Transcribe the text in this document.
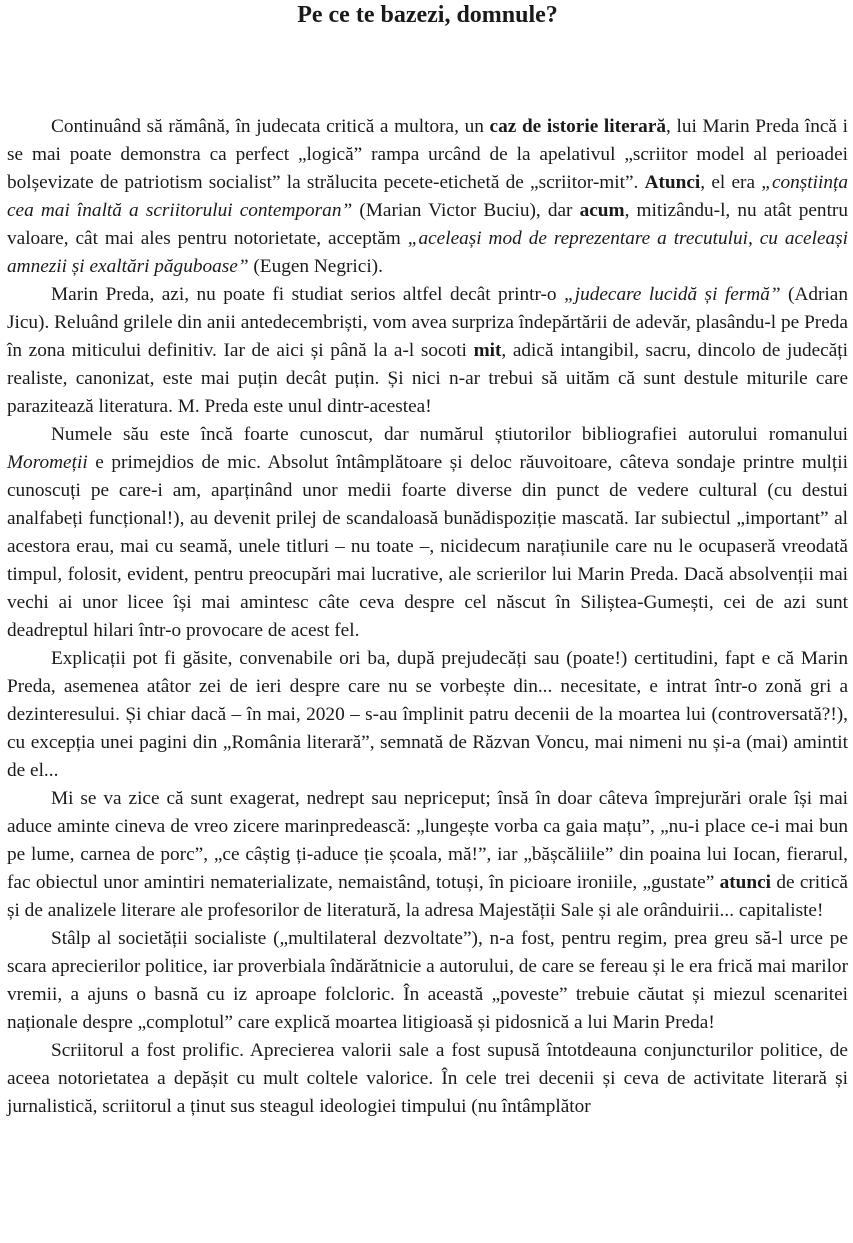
Pe ce te bazezi, domnule?

Continuând să rămână, în judecata critică a multora, un caz de istorie literară, lui Marin Preda încă i se mai poate demonstra ca perfect „logică” rampa urcând de la apelativul „scriitor model al perioadei bolșevizate de patriotism socialist” la strălucita pecete-etichetă de „scriitor-mit”. Atunci, el era „conștiința cea mai înaltă a scriitorului contemporan” (Marian Victor Buciu), dar acum, mitizându-l, nu atât pentru valoare, cât mai ales pentru notorietate, acceptăm „aceleași mod de reprezentare a trecutului, cu aceleași amnezii și exaltări păguboase” (Eugen Negrici).

Marin Preda, azi, nu poate fi studiat serios altfel decât printr-o „judecare lucidă și fermă” (Adrian Jicu). Reluând grilele din anii antedecembriști, vom avea surpriza îndepărtării de adevăr, plasându-l pe Preda în zona miticului definitiv. Iar de aici și până la a-l socoti mit, adică intangibil, sacru, dincolo de judecăți realiste, canonizat, este mai puțin decât puțin. Și nici n-ar trebui să uităm că sunt destule miturile care parazitează literatura. M. Preda este unul dintr-acestea!

Numele său este încă foarte cunoscut, dar numărul știutorilor bibliografiei autorului romanului Moromeții e primejdios de mic. Absolut întâmplătoare și deloc răuvoitoare, câteva sondaje printre mulții cunoscuți pe care-i am, aparținând unor medii foarte diverse din punct de vedere cultural (cu destui analfabeți funcțional!), au devenit prilej de scandaloasă bunădispoziție mascată. Iar subiectul „important” al acestora erau, mai cu seamă, unele titluri – nu toate –, nicidecum narațiunile care nu le ocupaseră vreodată timpul, folosit, evident, pentru preocupări mai lucrative, ale scrierilor lui Marin Preda. Dacă absolvenții mai vechi ai unor licee își mai amintesc câte ceva despre cel născut în Siliștea-Gumești, cei de azi sunt deadreptul hilari într-o provocare de acest fel.

Explicații pot fi găsite, convenabile ori ba, după prejudecăți sau (poate!) certitudini, fapt e că Marin Preda, asemenea atâtor zei de ieri despre care nu se vorbește din... necesitate, e intrat într-o zonă gri a dezinteresului. Și chiar dacă – în mai, 2020 – s-au împlinit patru decenii de la moartea lui (controversată?!), cu excepția unei pagini din „România literară”, semnată de Răzvan Voncu, mai nimeni nu și-a (mai) amintit de el...

Mi se va zice că sunt exagerat, nedrept sau nepriceput; însă în doar câteva împrejurări orale își mai aduce aminte cineva de vreo zicere marinpredească: „lungește vorba ca gaia mațu”, „nu-i place ce-i mai bun pe lume, carnea de porc”, „ce câștig ți-aduce ție școala, mă!”, iar „bășcăliile” din poaina lui Iocan, fierarul, fac obiectul unor amintiri nematerializate, nemaistând, totuși, în picioare ironiile, „gustate” atunci de critică și de analizele literare ale profesorilor de literatură, la adresa Majestății Sale și ale orânduirii... capitaliste!

Stâlp al societății socialiste („multilateral dezvoltate”), n-a fost, pentru regim, prea greu să-l urce pe scara aprecierilor politice, iar proverbiala îndărătnicie a autorului, de care se fereau și le era frică mai marilor vremii, a ajuns o basnă cu iz aproape folcloric. În această „poveste” trebuie căutat și miezul scenaritei naționale despre „complotul” care explică moartea litigioasă și pidosnică a lui Marin Preda!

Scriitorul a fost prolific. Aprecierea valorii sale a fost supusă întotdeauna conjuncturilor politice, de aceea notorietatea a depășit cu mult coltele valorice. În cele trei decenii și ceva de activitate literară și jurnalistică, scriitorul a ținut sus steagul ideologiei timpului (nu întâmplător
